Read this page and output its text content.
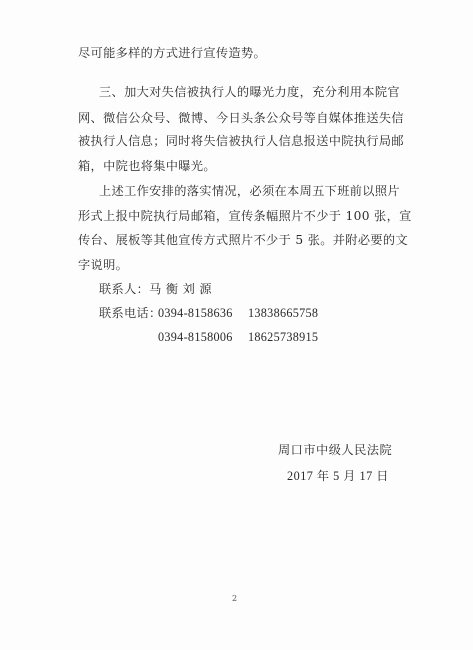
尽可能多样的方式进行宣传造势。
三、加大对失信被执行人的曝光力度，充分利用本院官
网、微信公众号、微博、今日头条公众号等自媒体推送失信
被执行人信息；同时将失信被执行人信息报送中院执行局邮
箱，中院也将集中曝光。
上述工作安排的落实情况，必须在本周五下班前以照片
形式上报中院执行局邮箱，宣传条幅照片不少于 100 张，宣
传台、展板等其他宣传方式照片不少于 5 张。并附必要的文
字说明。
联系人：马 衡 刘 源
联系电话：
0394-8158636 13838665758
0394-8158006 18625738915
周口市中级人民法院
2017 年 5 月 17 日
2
